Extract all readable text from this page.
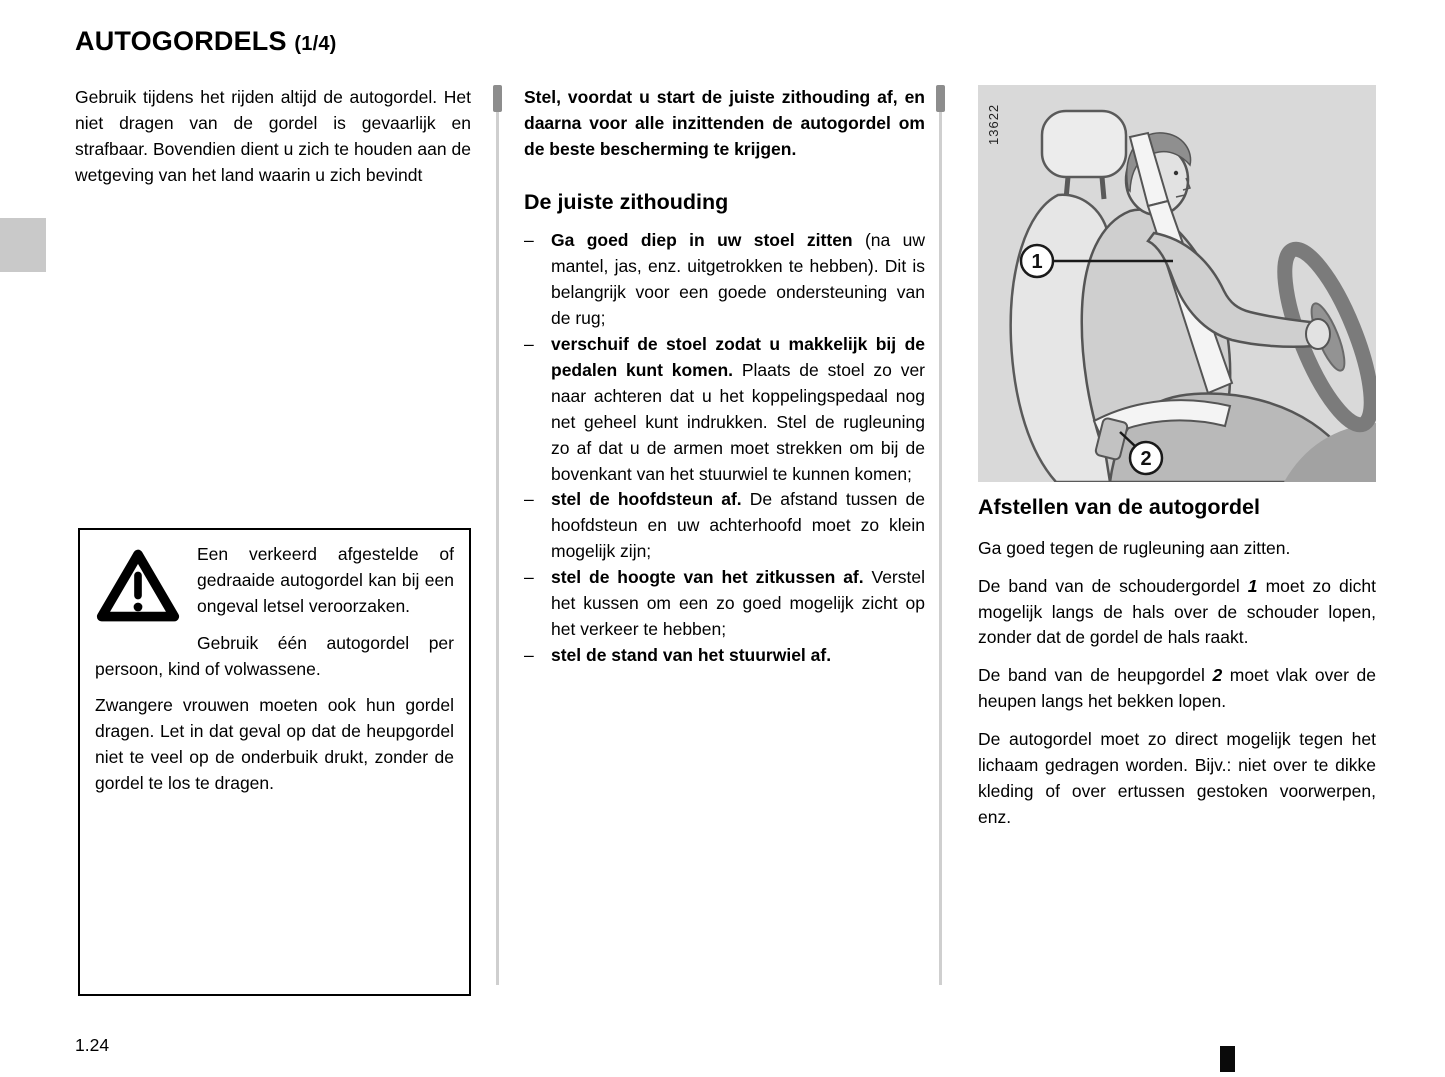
AUTOGORDELS (1/4)

Gebruik tijdens het rijden altijd de autogordel. Het niet dragen van de gordel is gevaarlijk en strafbaar. Bovendien dient u zich te houden aan de wetgeving van het land waarin u zich bevindt

Een verkeerd afgestelde of gedraaide autogordel kan bij een ongeval letsel veroorzaken.

Gebruik één autogordel per persoon, kind of volwassene.

Zwangere vrouwen moeten ook hun gordel dragen. Let in dat geval op dat de heupgordel niet te veel op de onderbuik drukt, zonder de gordel te los te dragen.

Stel, voordat u start de juiste zithouding af, en daarna voor alle inzittenden de autogordel om de beste bescherming te krijgen.

De juiste zithouding
– Ga goed diep in uw stoel zitten (na uw mantel, jas, enz. uitgetrokken te hebben). Dit is belangrijk voor een goede ondersteuning van de rug;

– verschuif de stoel zodat u makkelijk bij de pedalen kunt komen. Plaats de stoel zo ver naar achteren dat u het koppelingspedaal nog net geheel kunt indrukken. Stel de rugleuning zo af dat u de armen moet strekken om bij de bovenkant van het stuurwiel te kunnen komen;

– stel de hoofdsteun af. De afstand tussen de hoofdsteun en uw achterhoofd moet zo klein mogelijk zijn;

– stel de hoogte van het zitkussen af. Verstel het kussen om een zo goed mogelijk zicht op het verkeer te hebben;

– stel de stand van het stuurwiel af.

13622
1
2
Afstellen van de autogordel

Ga goed tegen de rugleuning aan zitten.

De band van de schoudergordel 1 moet zo dicht mogelijk langs de hals over de schouder lopen, zonder dat de gordel de hals raakt.

De band van de heupgordel 2 moet vlak over de heupen langs het bekken lopen.

De autogordel moet zo direct mogelijk tegen het lichaam gedragen worden. Bijv.: niet over te dikke kleding of over ertussen gestoken voorwerpen, enz.

1.24
